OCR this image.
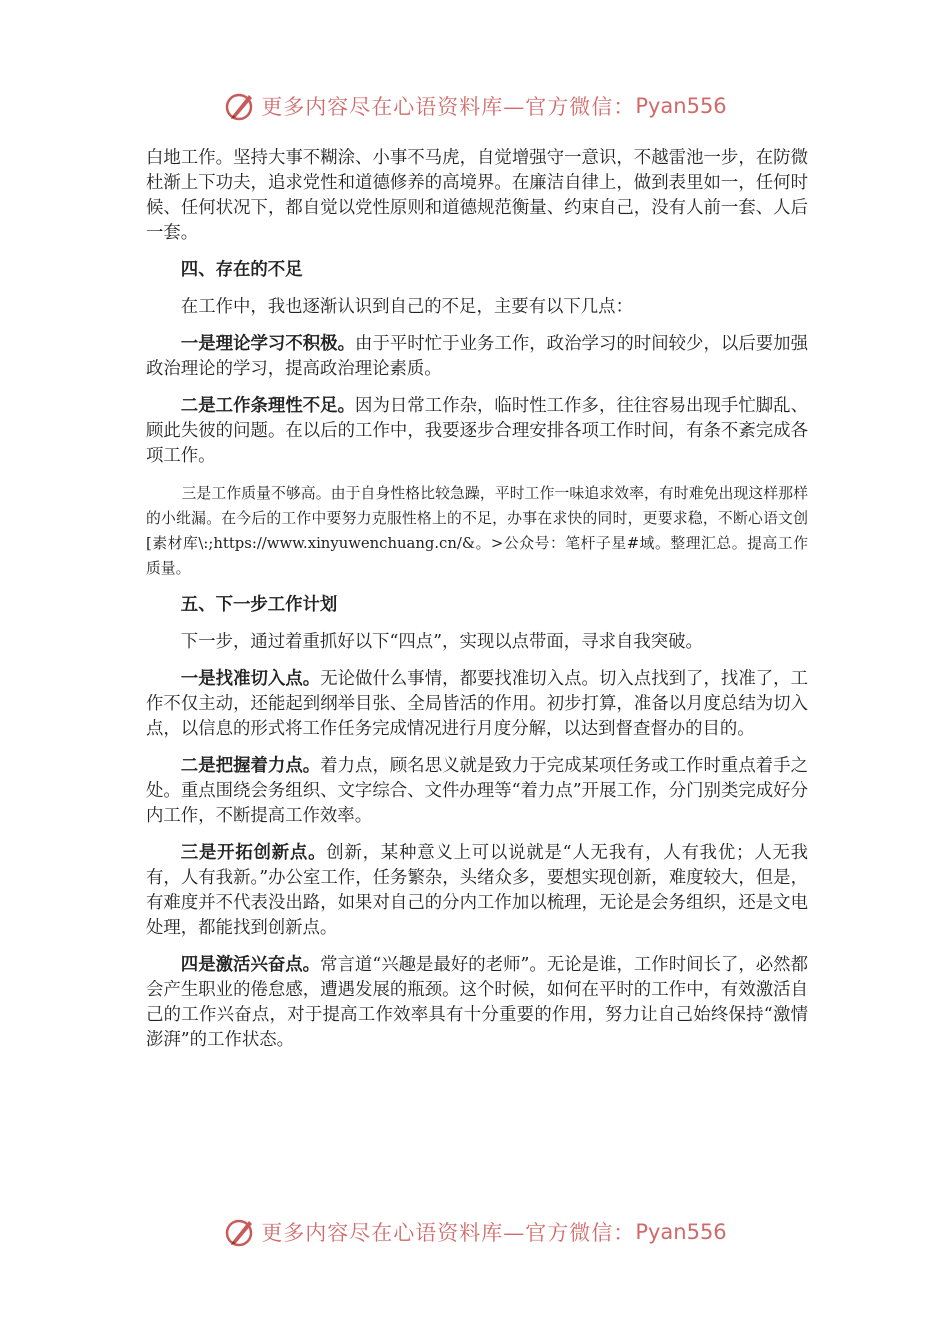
更多内容尽在心语资料库—官方微信： Pyan556

白地工作。坚持大事不糊涂、小事不马虎，自觉增强守一意识，不越雷池一步，在防微杜渐上下功夫，追求党性和道德修养的高境界。在廉洁自律上，做到表里如一，任何时候、任何状况下，都自觉以党性原则和道德规范衡量、约束自己，没有人前一套、人后一套。

四、存在的不足

在工作中，我也逐渐认识到自己的不足，主要有以下几点：

一是理论学习不积极。由于平时忙于业务工作，政治学习的时间较少，以后要加强政治理论的学习，提高政治理论素质。

二是工作条理性不足。因为日常工作杂，临时性工作多，往往容易出现手忙脚乱、顾此失彼的问题。在以后的工作中，我要逐步合理安排各项工作时间，有条不紊完成各项工作。

三是工作质量不够高。由于自身性格比较急躁，平时工作一味追求效率，有时难免出现这样那样的小纰漏。在今后的工作中要努力克服性格上的不足，办事在求快的同时，更要求稳，不断心语文创[素材库\:;https://www.xinyuwenchuang.cn/&。>公众号：笔杆子星#域。整理汇总。提高工作质量。

五、下一步工作计划

下一步，通过着重抓好以下“四点”，实现以点带面，寻求自我突破。

一是找准切入点。无论做什么事情，都要找准切入点。切入点找到了，找准了，工作不仅主动，还能起到纲举目张、全局皆活的作用。初步打算，准备以月度总结为切入点，以信息的形式将工作任务完成情况进行月度分解，以达到督查督办的目的。

二是把握着力点。着力点，顾名思义就是致力于完成某项任务或工作时重点着手之处。重点围绕会务组织、文字综合、文件办理等“着力点”开展工作，分门别类完成好分内工作，不断提高工作效率。

三是开拓创新点。创新，某种意义上可以说就是“人无我有，人有我优；人无我有，人有我新。”办公室工作，任务繁杂，头绪众多，要想实现创新，难度较大，但是，有难度并不代表没出路，如果对自己的分内工作加以梳理，无论是会务组织，还是文电处理，都能找到创新点。

四是激活兴奋点。常言道“兴趣是最好的老师”。无论是谁，工作时间长了，必然都会产生职业的倦怠感，遭遇发展的瓶颈。这个时候，如何在平时的工作中，有效激活自己的工作兴奋点，对于提高工作效率具有十分重要的作用，努力让自己始终保持“激情澎湃”的工作状态。

更多内容尽在心语资料库—官方微信： Pyan556
